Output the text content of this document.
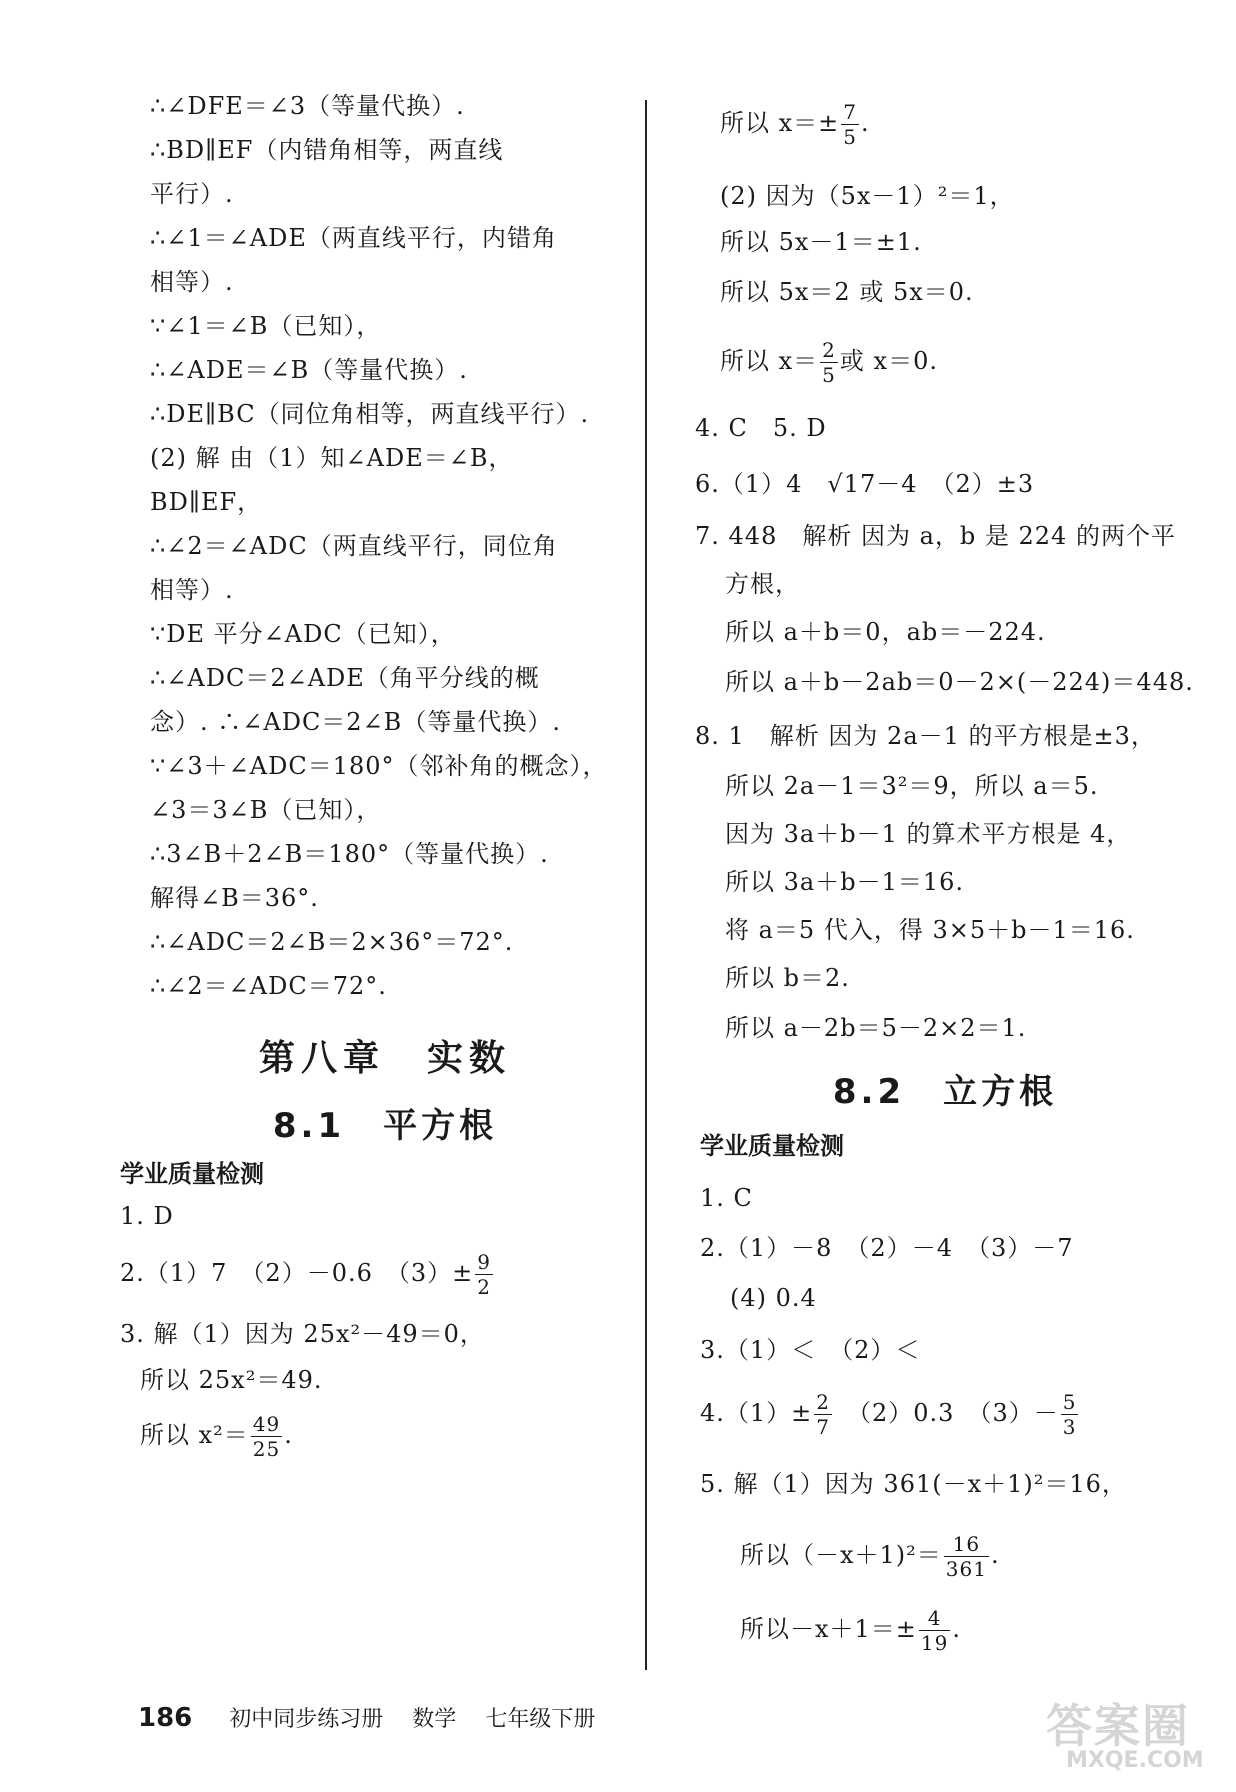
∴∠DFE＝∠3（等量代换）.
∴BD∥EF（内错角相等，两直线
平行）.
∴∠1＝∠ADE（两直线平行，内错角
相等）.
∵∠1＝∠B（已知），
∴∠ADE＝∠B（等量代换）.
∴DE∥BC（同位角相等，两直线平行）.
(2) 解 由（1）知∠ADE＝∠B，
BD∥EF，
∴∠2＝∠ADC（两直线平行，同位角
相等）.
∵DE 平分∠ADC（已知），
∴∠ADC＝2∠ADE（角平分线的概
念）. ∴∠ADC＝2∠B（等量代换）.
∵∠3＋∠ADC＝180°（邻补角的概念），
∠3＝3∠B（已知），
∴3∠B＋2∠B＝180°（等量代换）.
解得∠B＝36°.
∴∠ADC＝2∠B＝2×36°＝72°.
∴∠2＝∠ADC＝72°.
第八章　实数
8.1　平方根
学业质量检测
1. D
2.（1）7　（2）－0.6　$(3)\pm \frac{9}{2}$
3. 解（1）因为 25x²－49＝0，
所以 25x²＝49.
所以 $x^2= \frac{49}{25}$ .
所以 $x=\pm \frac{7}{5}$ .
(2) 因为（5x－1）²＝1，
所以 5x－1＝±1.
所以 5x＝2 或 5x＝0.
所以 $x= \frac{2}{5}$ 或 x＝0.
4. C　5. D
6.（1）4　√17－4　（2）±3
7. 448　解析 因为 a，b 是 224 的两个平
方根，
所以 a＋b＝0，ab＝－224.
所以 a＋b－2ab＝0－2×(－224)＝448.
8. 1　解析 因为 2a－1 的平方根是±3，
所以 2a－1＝3²＝9，所以 a＝5.
因为 3a＋b－1 的算术平方根是 4，
所以 3a＋b－1＝16.
将 a＝5 代入，得 3×5＋b－1＝16.
所以 b＝2.
所以 a－2b＝5－2×2＝1.
8.2　立方根
学业质量检测
1. C
2.（1）－8　（2）－4　（3）－7
(4) 0.4
3.（1）＜　（2）＜
$4.(1)\pm \frac{2}{7}$ 　（2）0.3　$(3)- \frac{5}{3}$
5. 解（1）因为 361(－x＋1)²＝16，
所以$(-x+1)^2= \frac{16}{361}$ .
所以$-x+1=\pm \frac{4}{19}$ .
186 初中同步练习册 数学 七年级下册	答案圈
MXQE.COM
